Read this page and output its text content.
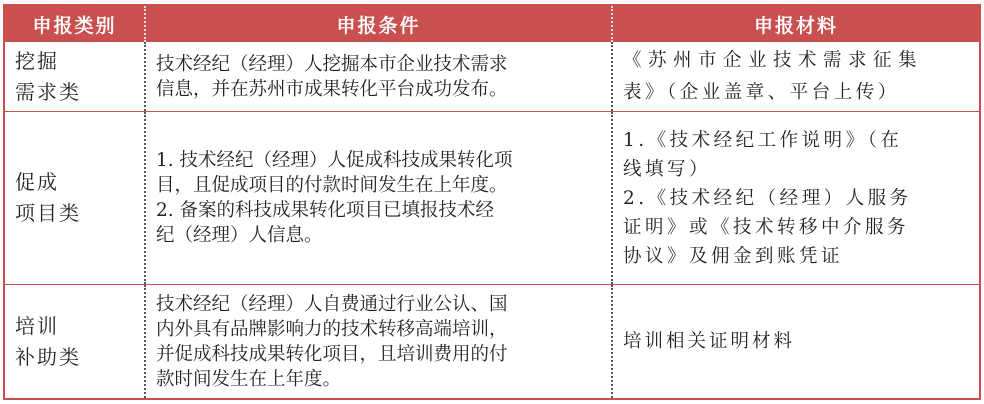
申报类别	申报条件	申报材料
挖掘
需求类
技术经纪（经理）人挖掘本市企业技术需求
信息，并在苏州市成果转化平台成功发布。
《苏州市企业技术需求征集
表》（企业盖章、平台上传）
促成
项目类
1. 技术经纪（经理）人促成科技成果转化项
目，且促成项目的付款时间发生在上年度。
2. 备案的科技成果转化项目已填报技术经
纪（经理）人信息。
1.《技术经纪工作说明》（在
线填写）
2.《技术经纪（经理）人服务
证明》或《技术转移中介服务
协议》及佣金到账凭证
培训
补助类
技术经纪（经理）人自费通过行业公认、国
内外具有品牌影响力的技术转移高端培训，
并促成科技成果转化项目，且培训费用的付
款时间发生在上年度。
培训相关证明材料
